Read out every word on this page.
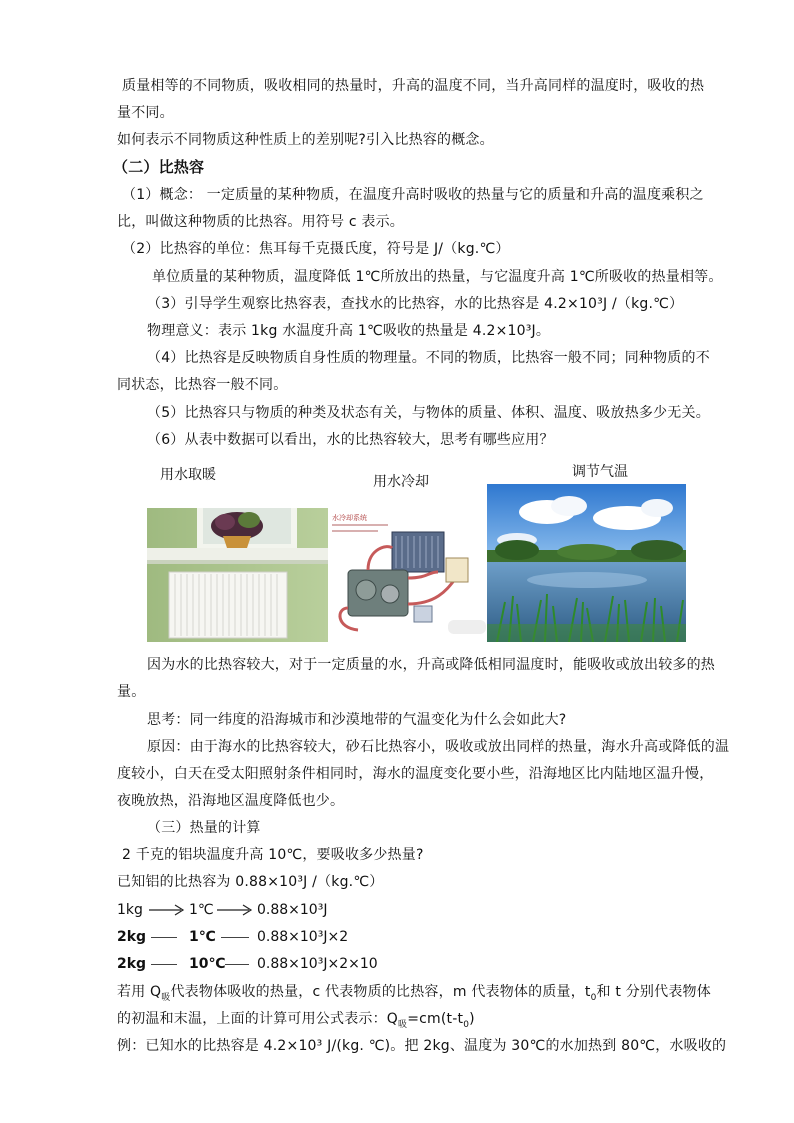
质量相等的不同物质，吸收相同的热量时，升高的温度不同，当升高同样的温度时，吸收的热
量不同。
如何表示不同物质这种性质上的差别呢?引入比热容的概念。
（二）比热容
（1）概念： 一定质量的某种物质，在温度升高时吸收的热量与它的质量和升高的温度乘积之
比，叫做这种物质的比热容。用符号 c 表示。
（2）比热容的单位：焦耳每千克摄氏度，符号是 J/（kg.℃）
单位质量的某种物质，温度降低 1℃所放出的热量，与它温度升高 1℃所吸收的热量相等。
（3）引导学生观察比热容表，查找水的比热容，水的比热容是 4.2×10³J /（kg.℃）
物理意义：表示 1kg 水温度升高 1℃吸收的热量是 4.2×10³J。
（4）比热容是反映物质自身性质的物理量。不同的物质，比热容一般不同；同种物质的不
同状态，比热容一般不同。
（5）比热容只与物质的种类及状态有关，与物体的质量、体积、温度、吸放热多少无关。
（6）从表中数据可以看出，水的比热容较大，思考有哪些应用？
用水取暖	用水冷却
调节气温
水冷却系统
因为水的比热容较大，对于一定质量的水，升高或降低相同温度时，能吸收或放出较多的热
量。
思考：同一纬度的沿海城市和沙漠地带的气温变化为什么会如此大?
原因：由于海水的比热容较大，砂石比热容小，吸收或放出同样的热量，海水升高或降低的温
度较小，白天在受太阳照射条件相同时，海水的温度变化要小些，沿海地区比内陆地区温升慢，
夜晚放热，沿海地区温度降低也少。
（三）热量的计算
2 千克的铝块温度升高 10℃，要吸收多少热量?
已知铝的比热容为 0.88×10³J /（kg.℃）
1kg	1℃	0.88×10³J
2kg	1℃	0.88×10³J×2
2kg	10℃ 0.88×10³J×2×10
若用 $Q_吸$代表物体吸收的热量，c 代表物质的比热容，m 代表物体的质量，$t_0$和 t 分别代表物体
的初温和末温，上面的计算可用公式表示：$Q_吸=cm(t-t_0)$
例：已知水的比热容是 4.2×10³ J/(kg. ℃)。把 2kg、温度为 30℃的水加热到 80℃，水吸收的
